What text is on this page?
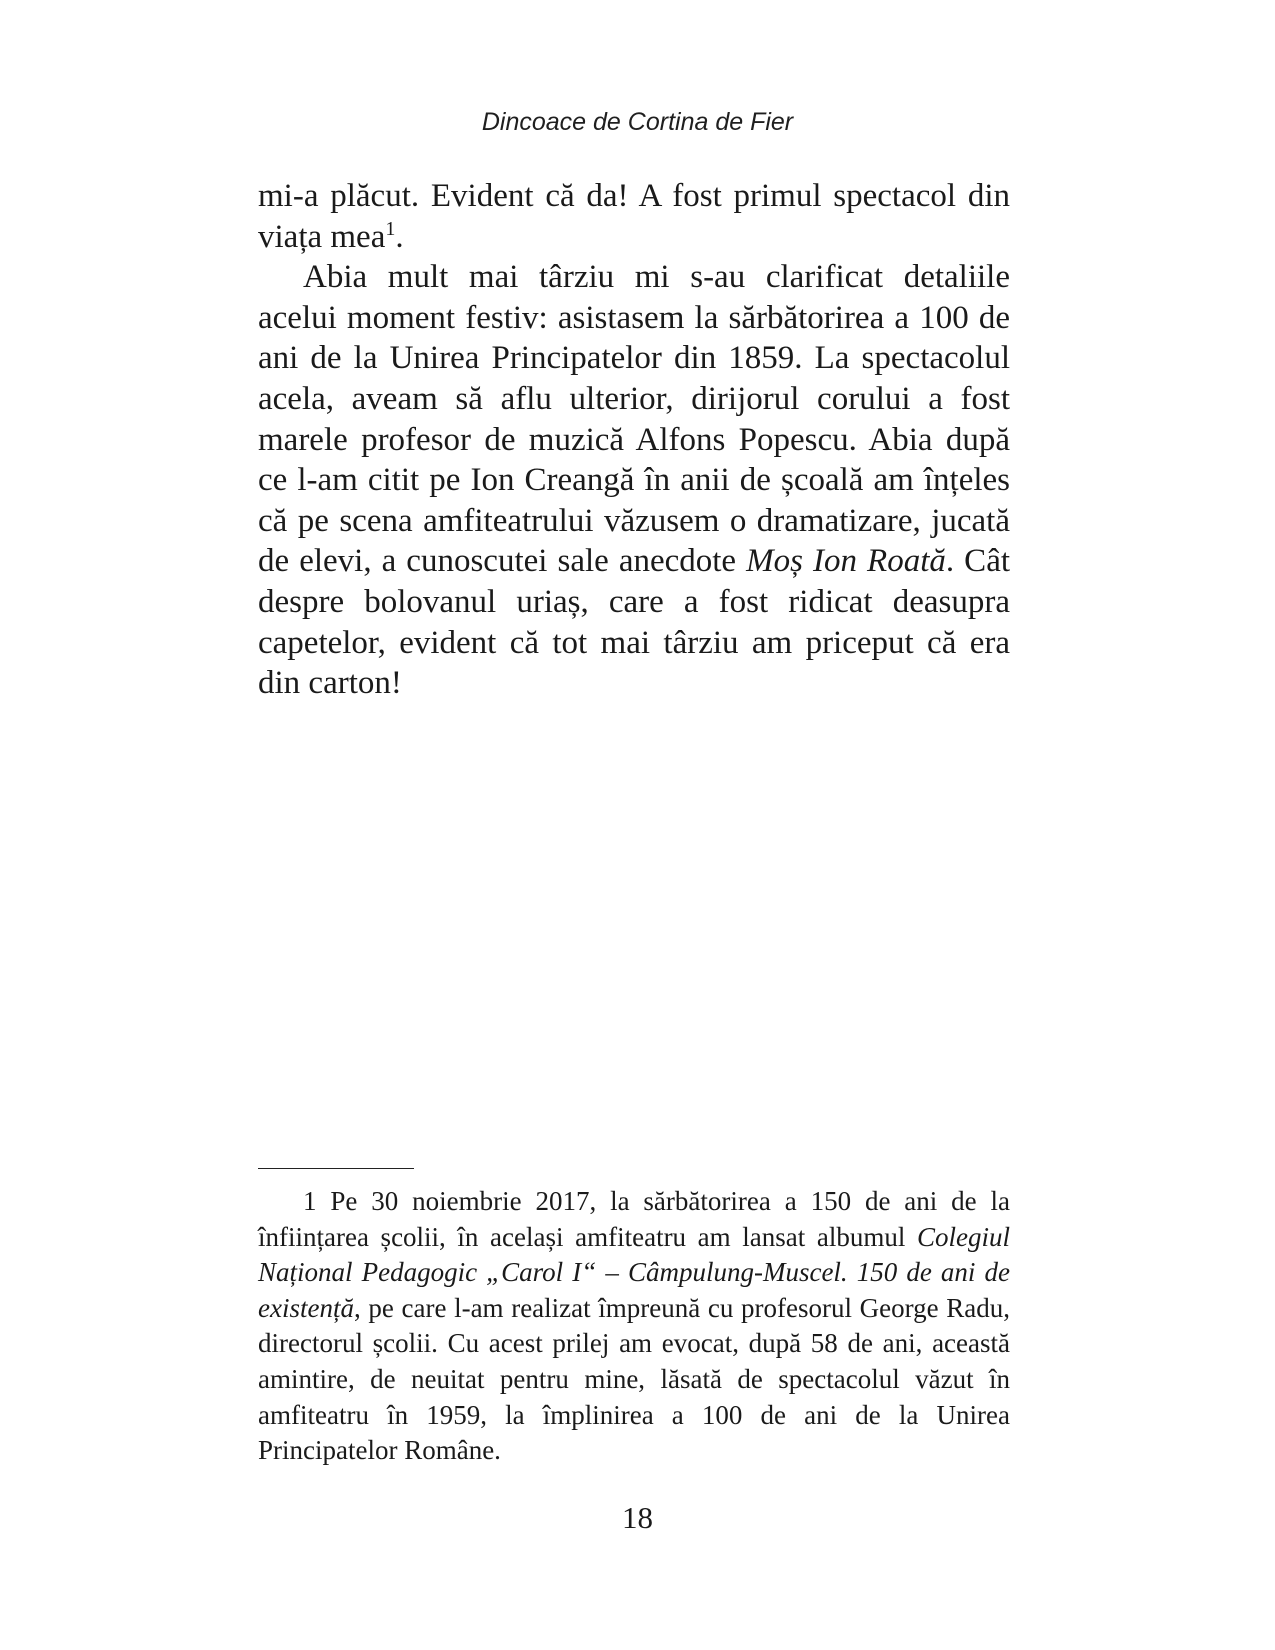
Dincoace de Cortina de Fier

mi-a plăcut. Evident că da! A fost primul spectacol din viața mea$^1$.

Abia mult mai târziu mi s-au clarificat detaliile acelui moment festiv: asistasem la sărbătorirea a 100 de ani de la Unirea Principatelor din 1859. La spectacolul acela, aveam să aflu ulterior, dirijorul corului a fost marele profesor de muzică Alfons Popescu. Abia după ce l-am citit pe Ion Creangă în anii de școală am înțeles că pe scena amfiteatrului văzusem o dramatizare, jucată de elevi, a cunoscutei sale anecdote Moș Ion Roată. Cât despre bolovanul uriaș, care a fost ridicat deasupra capetelor, evident că tot mai târziu am priceput că era din carton!

1 Pe 30 noiembrie 2017, la sărbătorirea a 150 de ani de la înființarea școlii, în același amfiteatru am lansat albumul Colegiul Național Pedagogic „Carol I“ – Câmpulung-Muscel. 150 de ani de existență, pe care l-am realizat împreună cu profesorul George Radu, directorul școlii. Cu acest prilej am evocat, după 58 de ani, această amintire, de neuitat pentru mine, lăsată de spectacolul văzut în amfiteatru în 1959, la împlinirea a 100 de ani de la Unirea Principatelor Române.

18
